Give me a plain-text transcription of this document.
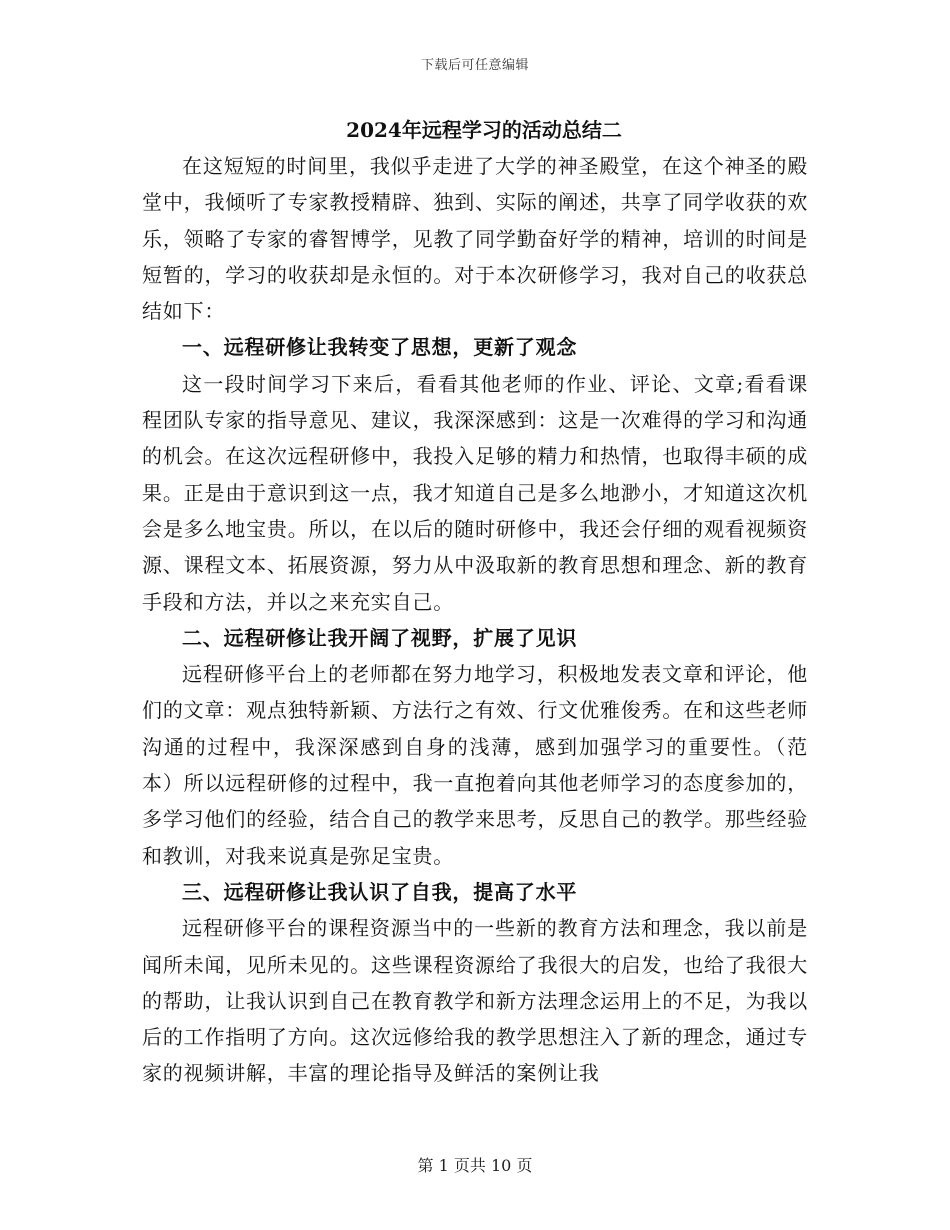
下载后可任意编辑
2024年远程学习的活动总结二

在这短短的时间里，我似乎走进了大学的神圣殿堂，在这个神圣的殿堂中，我倾听了专家教授精辟、独到、实际的阐述，共享了同学收获的欢乐，领略了专家的睿智博学，见教了同学勤奋好学的精神，培训的时间是短暂的，学习的收获却是永恒的。对于本次研修学习，我对自己的收获总结如下：

一、远程研修让我转变了思想，更新了观念

这一段时间学习下来后，看看其他老师的作业、评论、文章;看看课程团队专家的指导意见、建议，我深深感到：这是一次难得的学习和沟通的机会。在这次远程研修中，我投入足够的精力和热情，也取得丰硕的成果。正是由于意识到这一点，我才知道自己是多么地渺小，才知道这次机会是多么地宝贵。所以，在以后的随时研修中，我还会仔细的观看视频资源、课程文本、拓展资源，努力从中汲取新的教育思想和理念、新的教育手段和方法，并以之来充实自己。

二、远程研修让我开阔了视野，扩展了见识

远程研修平台上的老师都在努力地学习，积极地发表文章和评论，他们的文章：观点独特新颖、方法行之有效、行文优雅俊秀。在和这些老师沟通的过程中，我深深感到自身的浅薄，感到加强学习的重要性。（范本）所以远程研修的过程中，我一直抱着向其他老师学习的态度参加的，多学习他们的经验，结合自己的教学来思考，反思自己的教学。那些经验和教训，对我来说真是弥足宝贵。

三、远程研修让我认识了自我，提高了水平

远程研修平台的课程资源当中的一些新的教育方法和理念，我以前是闻所未闻，见所未见的。这些课程资源给了我很大的启发，也给了我很大的帮助，让我认识到自己在教育教学和新方法理念运用上的不足，为我以后的工作指明了方向。这次远修给我的教学思想注入了新的理念，通过专家的视频讲解，丰富的理论指导及鲜活的案例让我

第 1 页共 10 页
